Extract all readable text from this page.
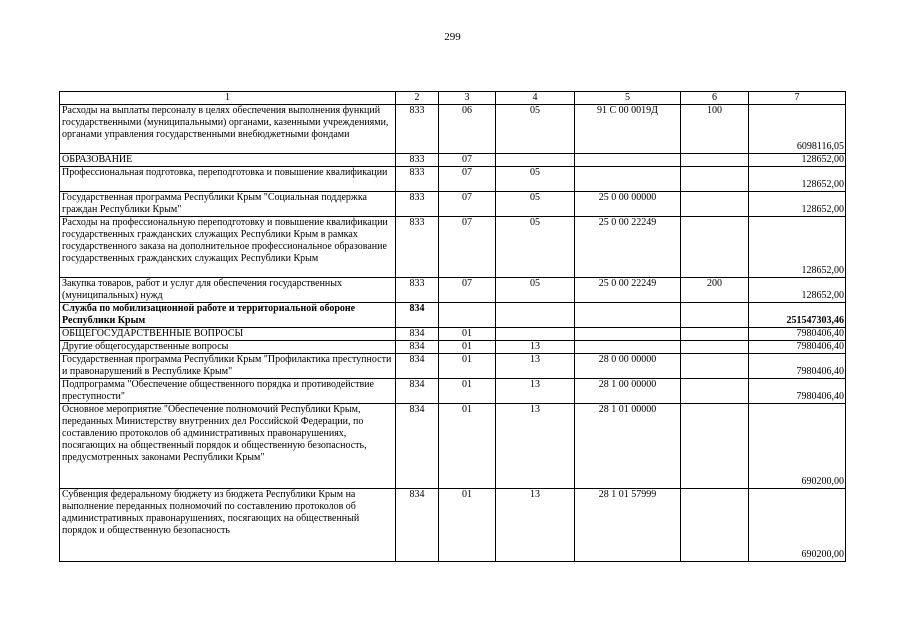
299
1	2	3	4	5	6	7
Расходы на выплаты персоналу в целях обеспечения выполнения функций государственными (муниципальными) органами, казенными учреждениями, органами управления государственными внебюджетными фондами	833	06	05	91 С 00 0019Д	100	6098116,05
ОБРАЗОВАНИЕ	833	07				128652,00
Профессиональная подготовка, переподготовка и повышение квалификации	833	07	05			128652,00
Государственная программа Республики Крым "Социальная поддержка граждан Республики Крым"	833	07	05	25 0 00 00000		128652,00
Расходы на профессиональную переподготовку и повышение квалификации государственных гражданских служащих Республики Крым в рамках государственного заказа на дополнительное профессиональное образование государственных гражданских служащих Республики Крым	833	07	05	25 0 00 22249		128652,00
Закупка товаров, работ и услуг для обеспечения государственных (муниципальных) нужд	833	07	05	25 0 00 22249	200	128652,00
Служба по мобилизационной работе и территориальной обороне Республики Крым	834					251547303,46
ОБЩЕГОСУДАРСТВЕННЫЕ ВОПРОСЫ	834	01				7980406,40
Другие общегосударственные вопросы	834	01	13			7980406,40
Государственная программа Республики Крым "Профилактика преступности и правонарушений в Республике Крым"	834	01	13	28 0 00 00000		7980406,40
Подпрограмма "Обеспечение общественного порядка и противодействие преступности"	834	01	13	28 1 00 00000		7980406,40
Основное мероприятие "Обеспечение полномочий Республики Крым, переданных Министерству внутренних дел Российской Федерации, по составлению протоколов об административных правонарушениях, посягающих на общественный порядок и общественную безопасность, предусмотренных законами Республики Крым"	834	01	13	28 1 01 00000		690200,00
Субвенция федеральному бюджету из бюджета Республики Крым на выполнение переданных полномочий по составлению протоколов об административных правонарушениях, посягающих на общественный порядок и общественную безопасность	834	01	13	28 1 01 57999		690200,00
